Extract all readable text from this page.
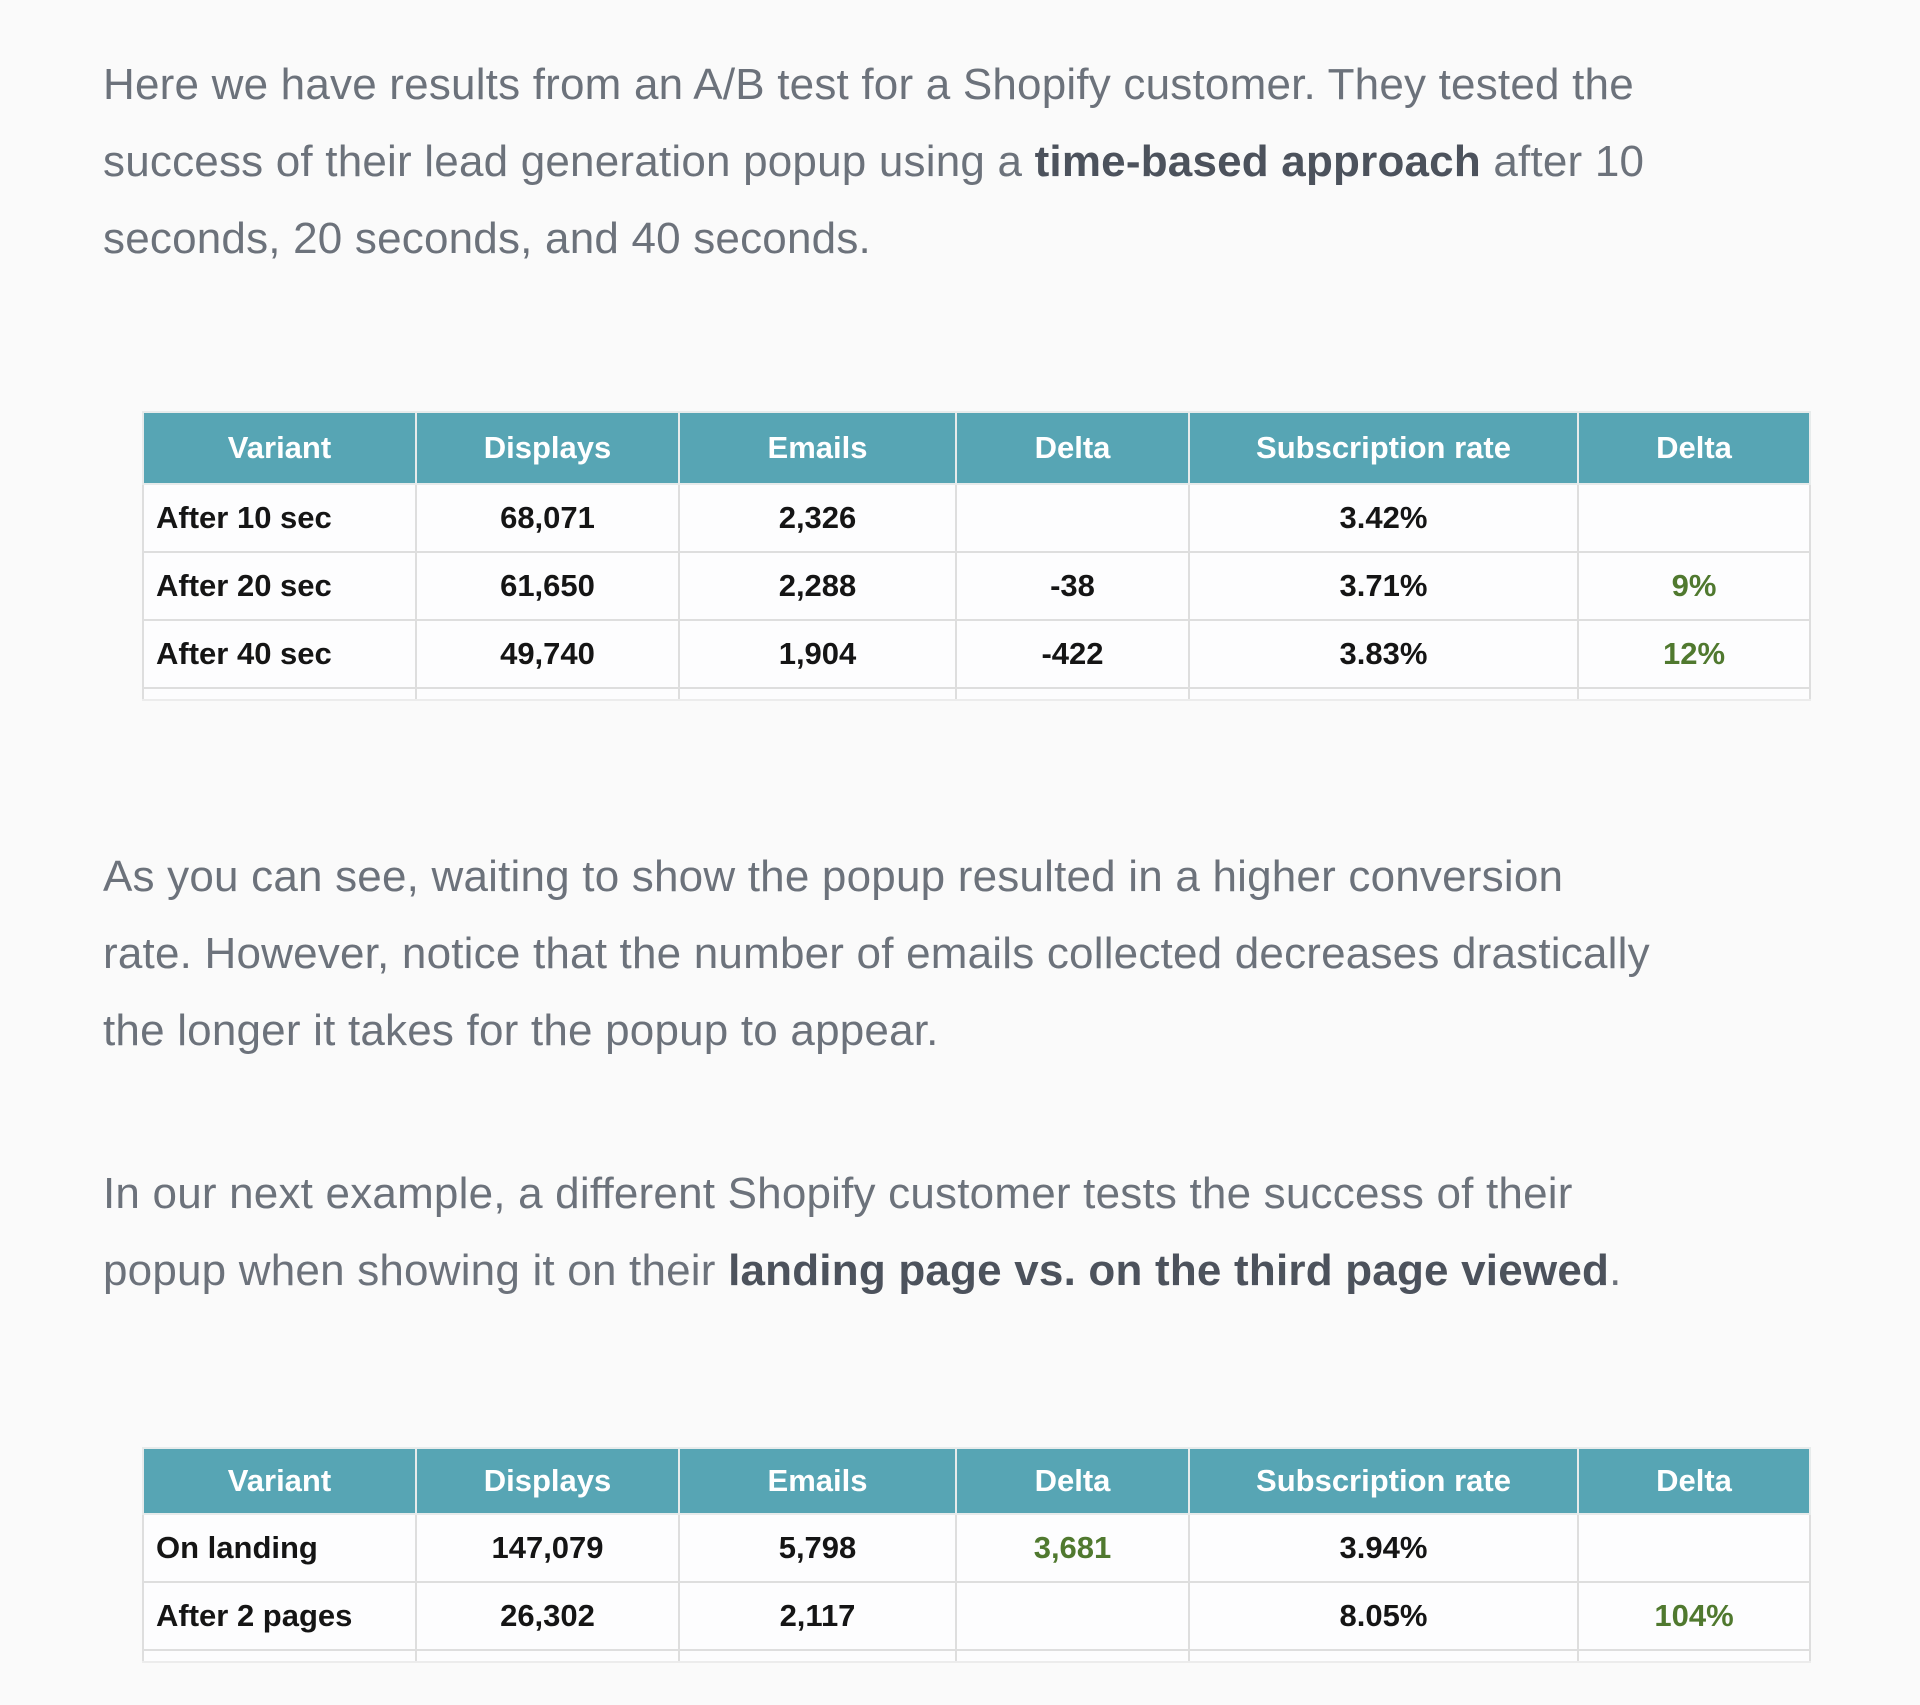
Here we have results from an A/B test for a Shopify customer. They tested the
success of their lead generation popup using a time-based approach after 10
seconds, 20 seconds, and 40 seconds.
Variant	Displays	Emails	Delta	Subscription rate	Delta
After 10 sec	68,071	2,326		3.42%	
After 20 sec	61,650	2,288	-38	3.71%	9%
After 40 sec	49,740	1,904	-422	3.83%	12%

As you can see, waiting to show the popup resulted in a higher conversion
rate. However, notice that the number of emails collected decreases drastically
the longer it takes for the popup to appear.
In our next example, a different Shopify customer tests the success of their
popup when showing it on their landing page vs. on the third page viewed.
Variant	Displays	Emails	Delta	Subscription rate	Delta
On landing	147,079	5,798	3,681	3.94%	
After 2 pages	26,302	2,117		8.05%	104%
